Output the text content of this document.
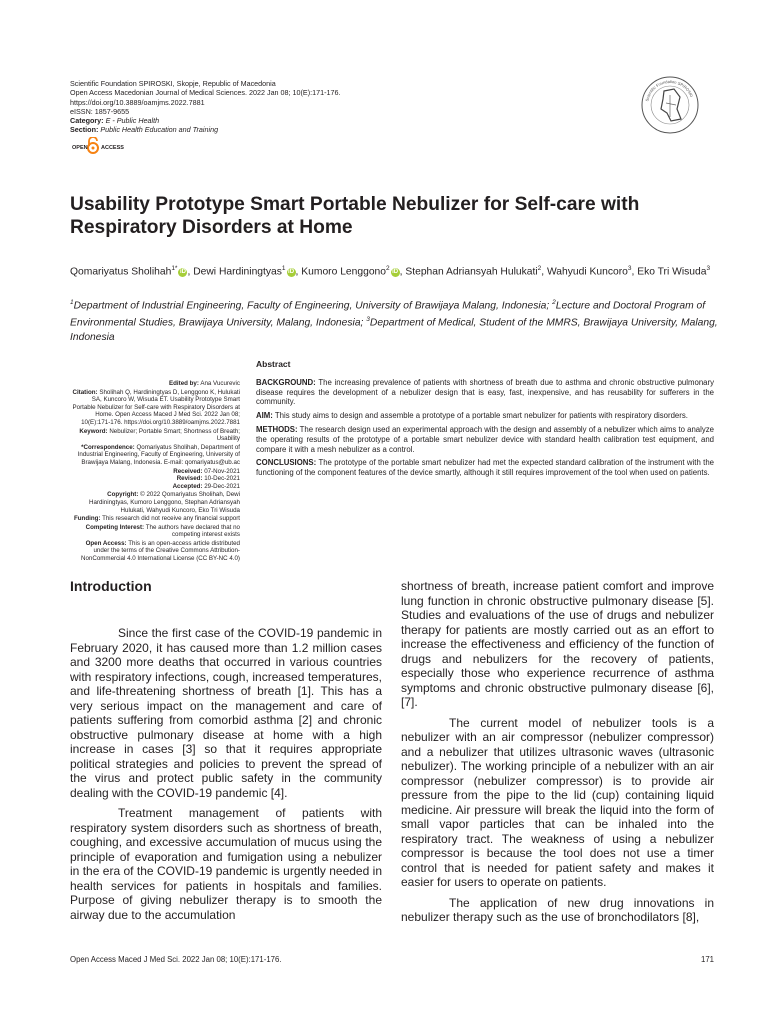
Scientific Foundation SPIROSKI, Skopje, Republic of Macedonia
Open Access Macedonian Journal of Medical Sciences. 2022 Jan 08; 10(E):171-176.
https://doi.org/10.3889/oamjms.2022.7881
eISSN: 1857-9655
Category: E - Public Health
Section: Public Health Education and Training
Scientific Foundation SPIROSKI
OPEN ACCESS
Usability Prototype Smart Portable Nebulizer for Self-care with Respiratory Disorders at Home
Qomariyatus Sholihah$^{1*}$iD , Dewi Hardiningtyas$^1$iD , Kumoro Lenggono$^2$iD , Stephan Adriansyah Hulukati$^2$, Wahyudi Kuncoro$^3$, Eko Tri Wisuda$^3$
$^1$Department of Industrial Engineering, Faculty of Engineering, University of Brawijaya Malang, Indonesia; $^2$Lecture and Doctoral Program of Environmental Studies, Brawijaya University, Malang, Indonesia; $^3$Department of Medical, Student of the MMRS, Brawijaya University, Malang, Indonesia

Edited by: Ana Vucurevic

Citation: Sholihah Q, Hardiningtyas D, Lenggono K, Hulukati SA, Kuncoro W, Wisuda ET. Usability Prototype Smart Portable Nebulizer for Self-care with Respiratory Disorders at Home. Open Access Maced J Med Sci. 2022 Jan 08; 10(E):171-176. https://doi.org/10.3889/oamjms.2022.7881

Keyword: Nebulizer; Portable Smart; Shortness of Breath; Usability

*Correspondence: Qomariyatus Sholihah, Department of Industrial Engineering, Faculty of Engineering, University of Brawijaya Malang, Indonesia. E-mail: qomariyatus@ub.ac

Received: 07-Nov-2021

Revised: 10-Dec-2021

Accepted: 29-Dec-2021

Copyright: © 2022 Qomariyatus Sholihah, Dewi Hardiningtyas, Kumoro Lenggono, Stephan Adriansyah Hulukati, Wahyudi Kuncoro, Eko Tri Wisuda

Funding: This research did not receive any financial support

Competing Interest: The authors have declared that no competing interest exists

Open Access: This is an open-access article distributed under the terms of the Creative Commons Attribution-NonCommercial 4.0 International License (CC BY-NC 4.0)

Abstract

BACKGROUND: The increasing prevalence of patients with shortness of breath due to asthma and chronic obstructive pulmonary disease requires the development of a nebulizer design that is easy, fast, inexpensive, and has reusability for sufferers in the community.

AIM: This study aims to design and assemble a prototype of a portable smart nebulizer for patients with respiratory disorders.

METHODS: The research design used an experimental approach with the design and assembly of a nebulizer which aims to analyze the operating results of the prototype of a portable smart nebulizer device with standard health calibration test equipment, and compare it with a mesh nebulizer as a control.

CONCLUSIONS: The prototype of the portable smart nebulizer had met the expected standard calibration of the instrument with the functioning of the component features of the device smartly, although it still requires improvement of the tool when used on patients.

Introduction

Since the first case of the COVID-19 pandemic in February 2020, it has caused more than 1.2 million cases and 3200 more deaths that occurred in various countries with respiratory infections, cough, increased temperatures, and life-threatening shortness of breath [1]. This has a very serious impact on the management and care of patients suffering from comorbid asthma [2] and chronic obstructive pulmonary disease at home with a high increase in cases [3] so that it requires appropriate political strategies and policies to prevent the spread of the virus and protect public safety in the community dealing with the COVID-19 pandemic [4].

Treatment management of patients with respiratory system disorders such as shortness of breath, coughing, and excessive accumulation of mucus using the principle of evaporation and fumigation using a nebulizer in the era of the COVID-19 pandemic is urgently needed in health services for patients in hospitals and families. Purpose of giving nebulizer therapy is to smooth the airway due to the accumulation

shortness of breath, increase patient comfort and improve lung function in chronic obstructive pulmonary disease [5]. Studies and evaluations of the use of drugs and nebulizer therapy for patients are mostly carried out as an effort to increase the effectiveness and efficiency of the function of drugs and nebulizers for the recovery of patients, especially those who experience recurrence of asthma symptoms and chronic obstructive pulmonary disease [6], [7].

The current model of nebulizer tools is a nebulizer with an air compressor (nebulizer compressor) and a nebulizer that utilizes ultrasonic waves (ultrasonic nebulizer). The working principle of a nebulizer with an air compressor (nebulizer compressor) is to provide air pressure from the pipe to the lid (cup) containing liquid medicine. Air pressure will break the liquid into the form of small vapor particles that can be inhaled into the respiratory tract. The weakness of using a nebulizer compressor is because the tool does not use a timer control that is needed for patient safety and makes it easier for users to operate on patients.

The application of new drug innovations in nebulizer therapy such as the use of bronchodilators [8],

Open Access Maced J Med Sci. 2022 Jan 08; 10(E):171-176.	171
